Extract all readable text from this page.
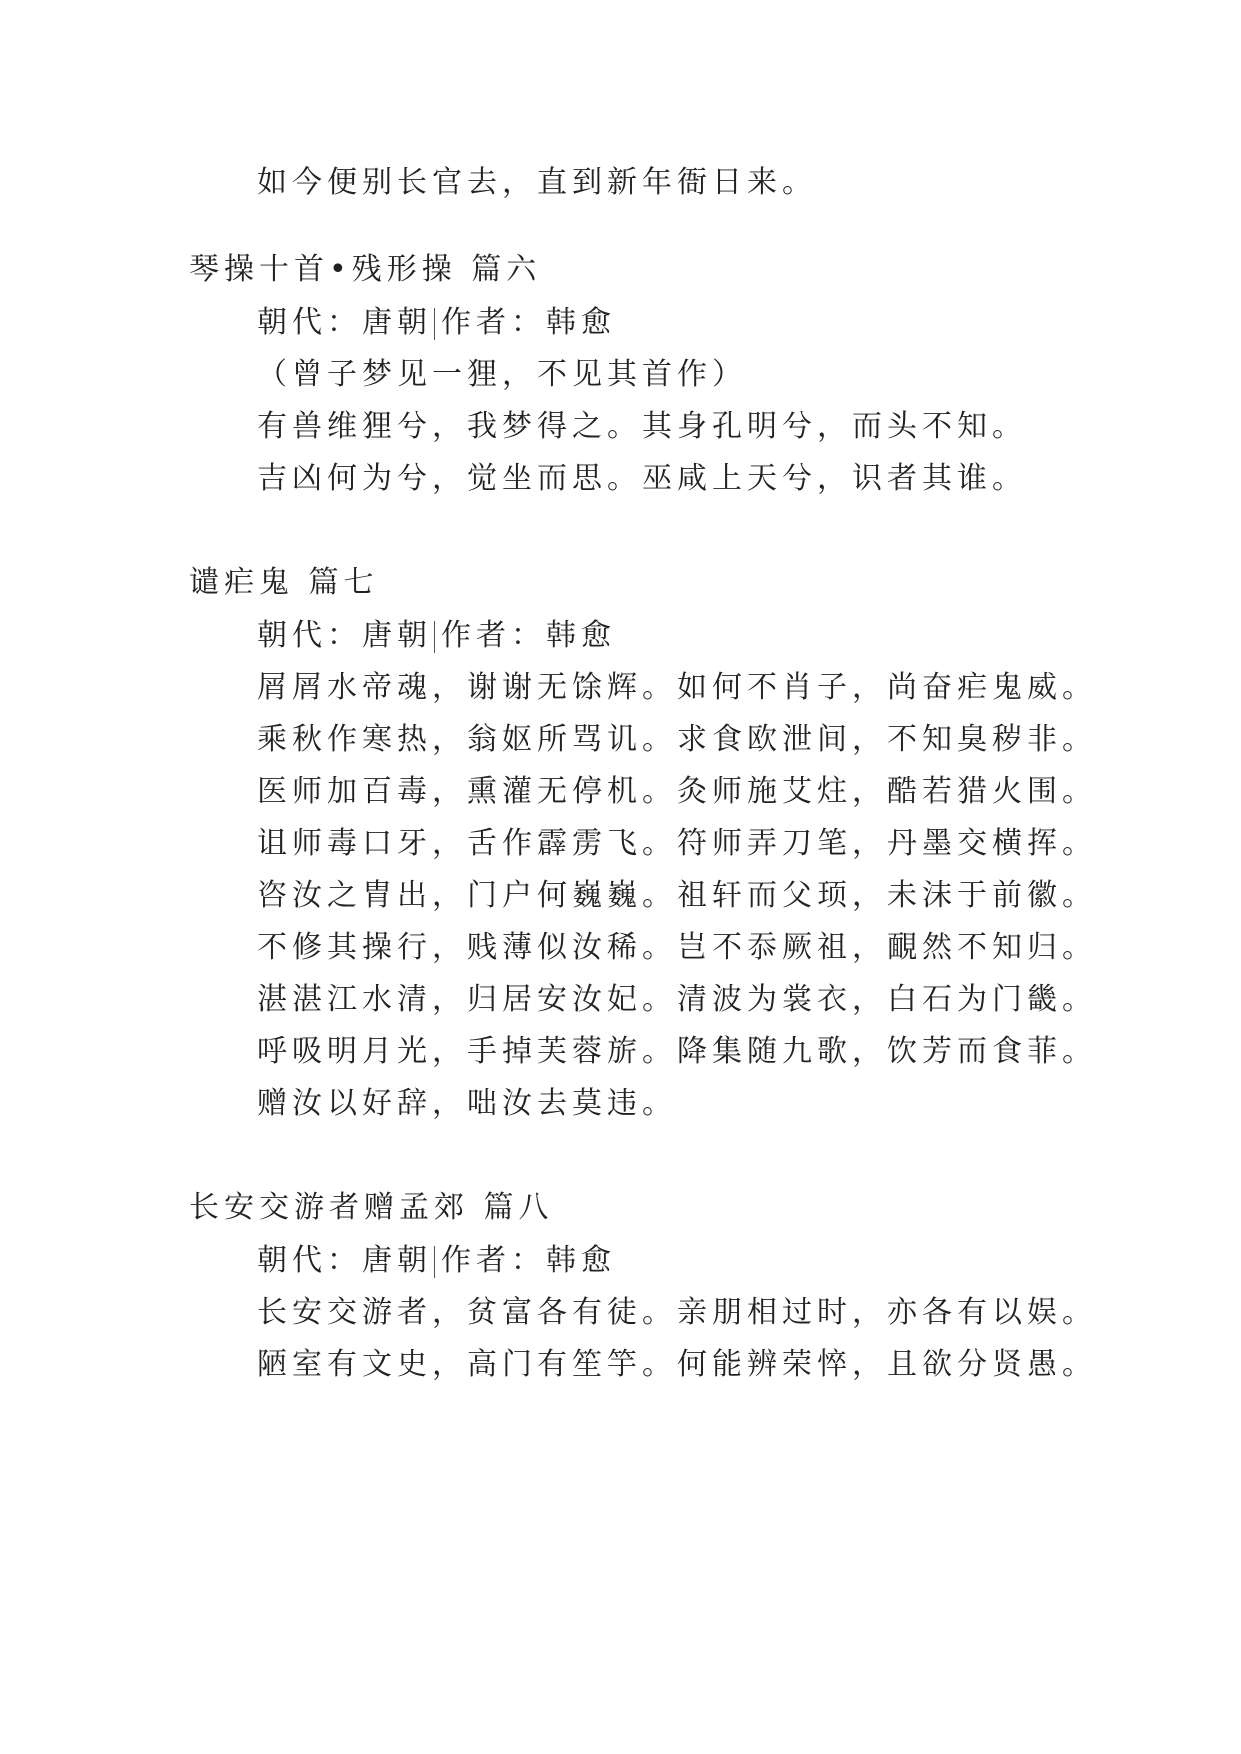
如今便别长官去，直到新年衙日来。
琴操十首•残形操 篇六
朝代：唐朝 作者：韩愈
（曾子梦见一狸，不见其首作）
有兽维狸兮，我梦得之。其身孔明兮，而头不知。
吉凶何为兮，觉坐而思。巫咸上天兮，识者其谁。
谴疟鬼 篇七
朝代：唐朝 作者：韩愈
屑屑水帝魂，谢谢无馀辉。如何不肖子，尚奋疟鬼威。
乘秋作寒热，翁妪所骂讥。求食欧泄间，不知臭秽非。
医师加百毒，熏灌无停机。灸师施艾炷，酷若猎火围。
诅师毒口牙，舌作霹雳飞。符师弄刀笔，丹墨交横挥。
咨汝之胄出，门户何巍巍。祖轩而父顼，未沫于前徽。
不修其操行，贱薄似汝稀。岂不忝厥祖，靦然不知归。
湛湛江水清，归居安汝妃。清波为裳衣，白石为门畿。
呼吸明月光，手掉芙蓉旂。降集随九歌，饮芳而食菲。
赠汝以好辞，咄汝去莫违。
长安交游者赠孟郊 篇八
朝代：唐朝 作者：韩愈
长安交游者，贫富各有徒。亲朋相过时，亦各有以娱。
陋室有文史，高门有笙竽。何能辨荣悴，且欲分贤愚。
